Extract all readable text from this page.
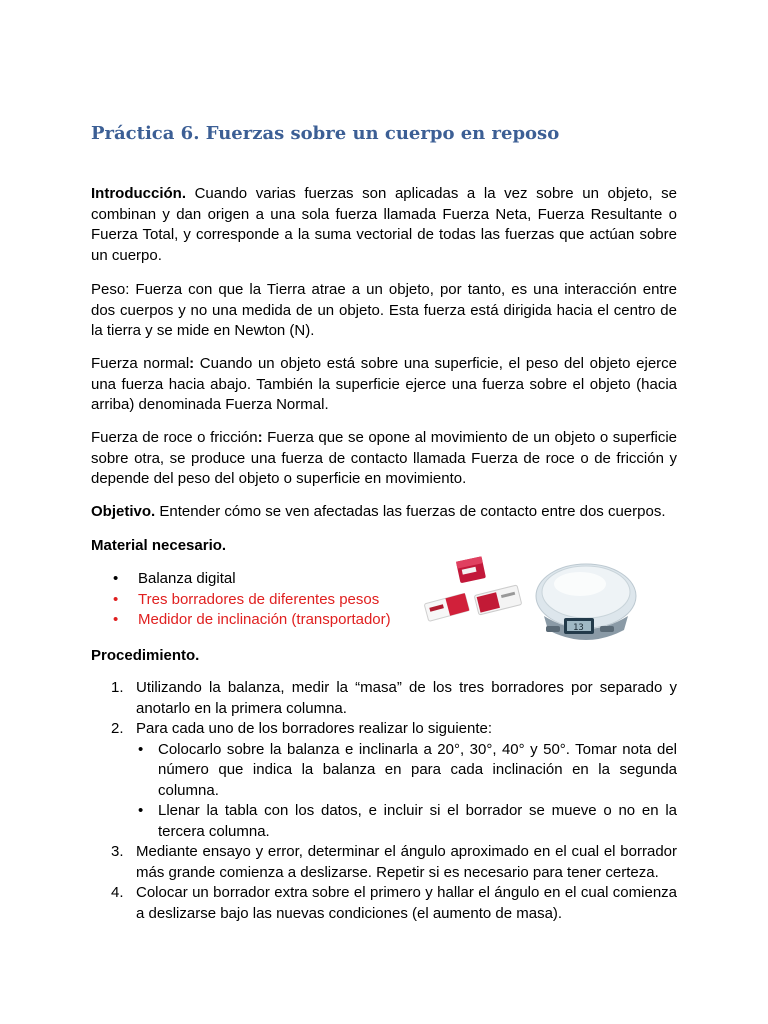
Práctica 6. Fuerzas sobre un cuerpo en reposo

Introducción. Cuando varias fuerzas son aplicadas a la vez sobre un objeto, se combinan y dan origen a una sola fuerza llamada Fuerza Neta, Fuerza Resultante o Fuerza Total, y corresponde a la suma vectorial de todas las fuerzas que actúan sobre un cuerpo.

Peso: Fuerza con que la Tierra atrae a un objeto, por tanto, es una interacción entre dos cuerpos y no una medida de un objeto. Esta fuerza está dirigida hacia el centro de la tierra y se mide en Newton (N).

Fuerza normal: Cuando un objeto está sobre una superficie, el peso del objeto ejerce una fuerza hacia abajo. También la superficie ejerce una fuerza sobre el objeto (hacia arriba) denominada Fuerza Normal.

Fuerza de roce o fricción: Fuerza que se opone al movimiento de un objeto o superficie sobre otra, se produce una fuerza de contacto llamada Fuerza de roce o de fricción y depende del peso del objeto o superficie en movimiento.

Objetivo. Entender cómo se ven afectadas las fuerzas de contacto entre dos cuerpos.

Material necesario.

• Balanza digital
• Tres borradores de diferentes pesos
• Medidor de inclinación (transportador)	13

Procedimiento.

1. Utilizando la balanza, medir la “masa” de los tres borradores por separado y anotarlo en la primera columna.
2. Para cada uno de los borradores realizar lo siguiente:
• Colocarlo sobre la balanza e inclinarla a 20°, 30°, 40° y 50°. Tomar nota del número que indica la balanza en para cada inclinación en la segunda columna.
• Llenar la tabla con los datos, e incluir si el borrador se mueve o no en la tercera columna.
3. Mediante ensayo y error, determinar el ángulo aproximado en el cual el borrador más grande comienza a deslizarse. Repetir si es necesario para tener certeza.
4. Colocar un borrador extra sobre el primero y hallar el ángulo en el cual comienza a deslizarse bajo las nuevas condiciones (el aumento de masa).
